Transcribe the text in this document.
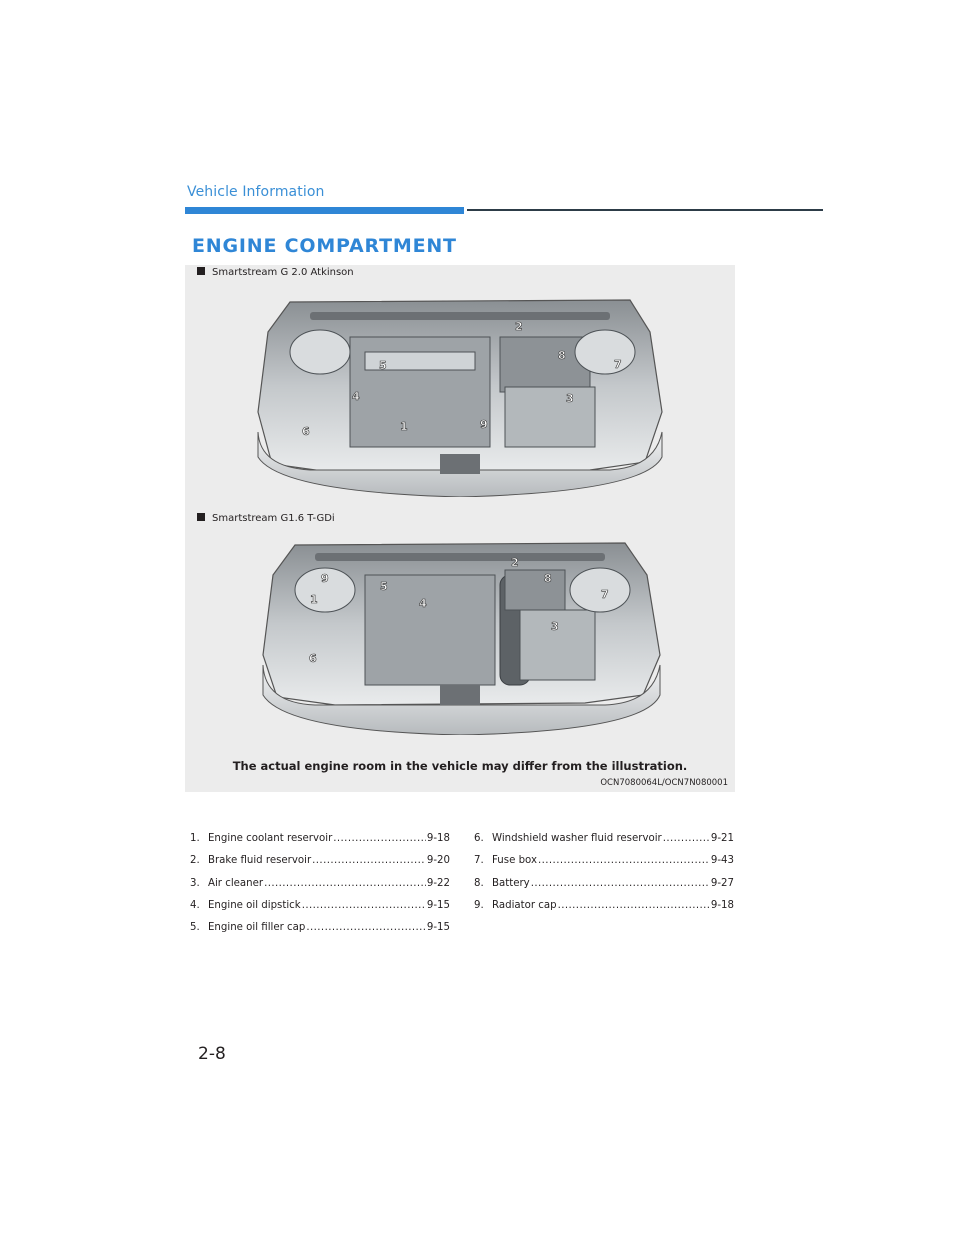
Vehicle Information
ENGINE COMPARTMENT
Smartstream G 2.0 Atkinson
1
2
3
4
5
6
7
8
9
Smartstream G1.6 T-GDi
1
2
3
4
5
6
7
8
9
The actual engine room in the vehicle may differ from the illustration.
OCN7080064L/OCN7N080001
1. Engine coolant reservoir .....	9-18
2. Brake fluid reservoir .....	9-20
3. Air cleaner .....	9-22
4. Engine oil dipstick .....	9-15
5. Engine oil filler cap .....	9-15
6. Windshield washer fluid reservoir .....	9-21
7. Fuse box .....	9-43
8. Battery .....	9-27
9. Radiator cap .....	9-18
2-8
